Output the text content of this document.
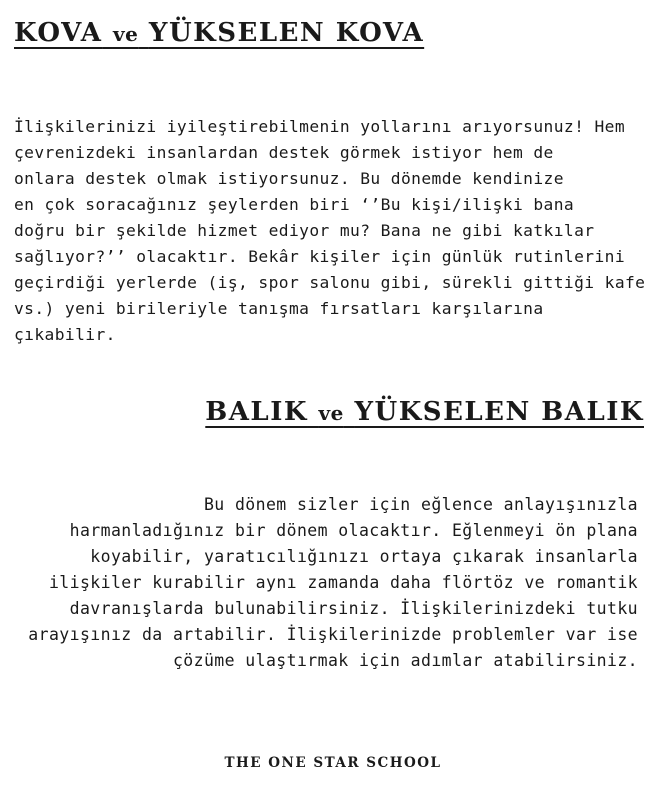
KOVA ve YÜKSELEN KOVA
İlişkilerinizi iyileştirebilmenin yollarını arıyorsunuz! Hem
çevrenizdeki insanlardan destek görmek istiyor hem de
onlara destek olmak istiyorsunuz. Bu dönemde kendinize
en çok soracağınız şeylerden biri ‘’Bu kişi/ilişki bana
doğru bir şekilde hizmet ediyor mu? Bana ne gibi katkılar
sağlıyor?’’ olacaktır. Bekâr kişiler için günlük rutinlerini
geçirdiği yerlerde (iş, spor salonu gibi, sürekli gittiği kafe
vs.) yeni birileriyle tanışma fırsatları karşılarına
çıkabilir.
BALIK ve YÜKSELEN BALIK
Bu dönem sizler için eğlence anlayışınızla
harmanladığınız bir dönem olacaktır. Eğlenmeyi ön plana
koyabilir, yaratıcılığınızı ortaya çıkarak insanlarla
ilişkiler kurabilir aynı zamanda daha flörtöz ve romantik
davranışlarda bulunabilirsiniz. İlişkilerinizdeki tutku
arayışınız da artabilir. İlişkilerinizde problemler var ise
çözüme ulaştırmak için adımlar atabilirsiniz.

THE ONE STAR SCHOOL
